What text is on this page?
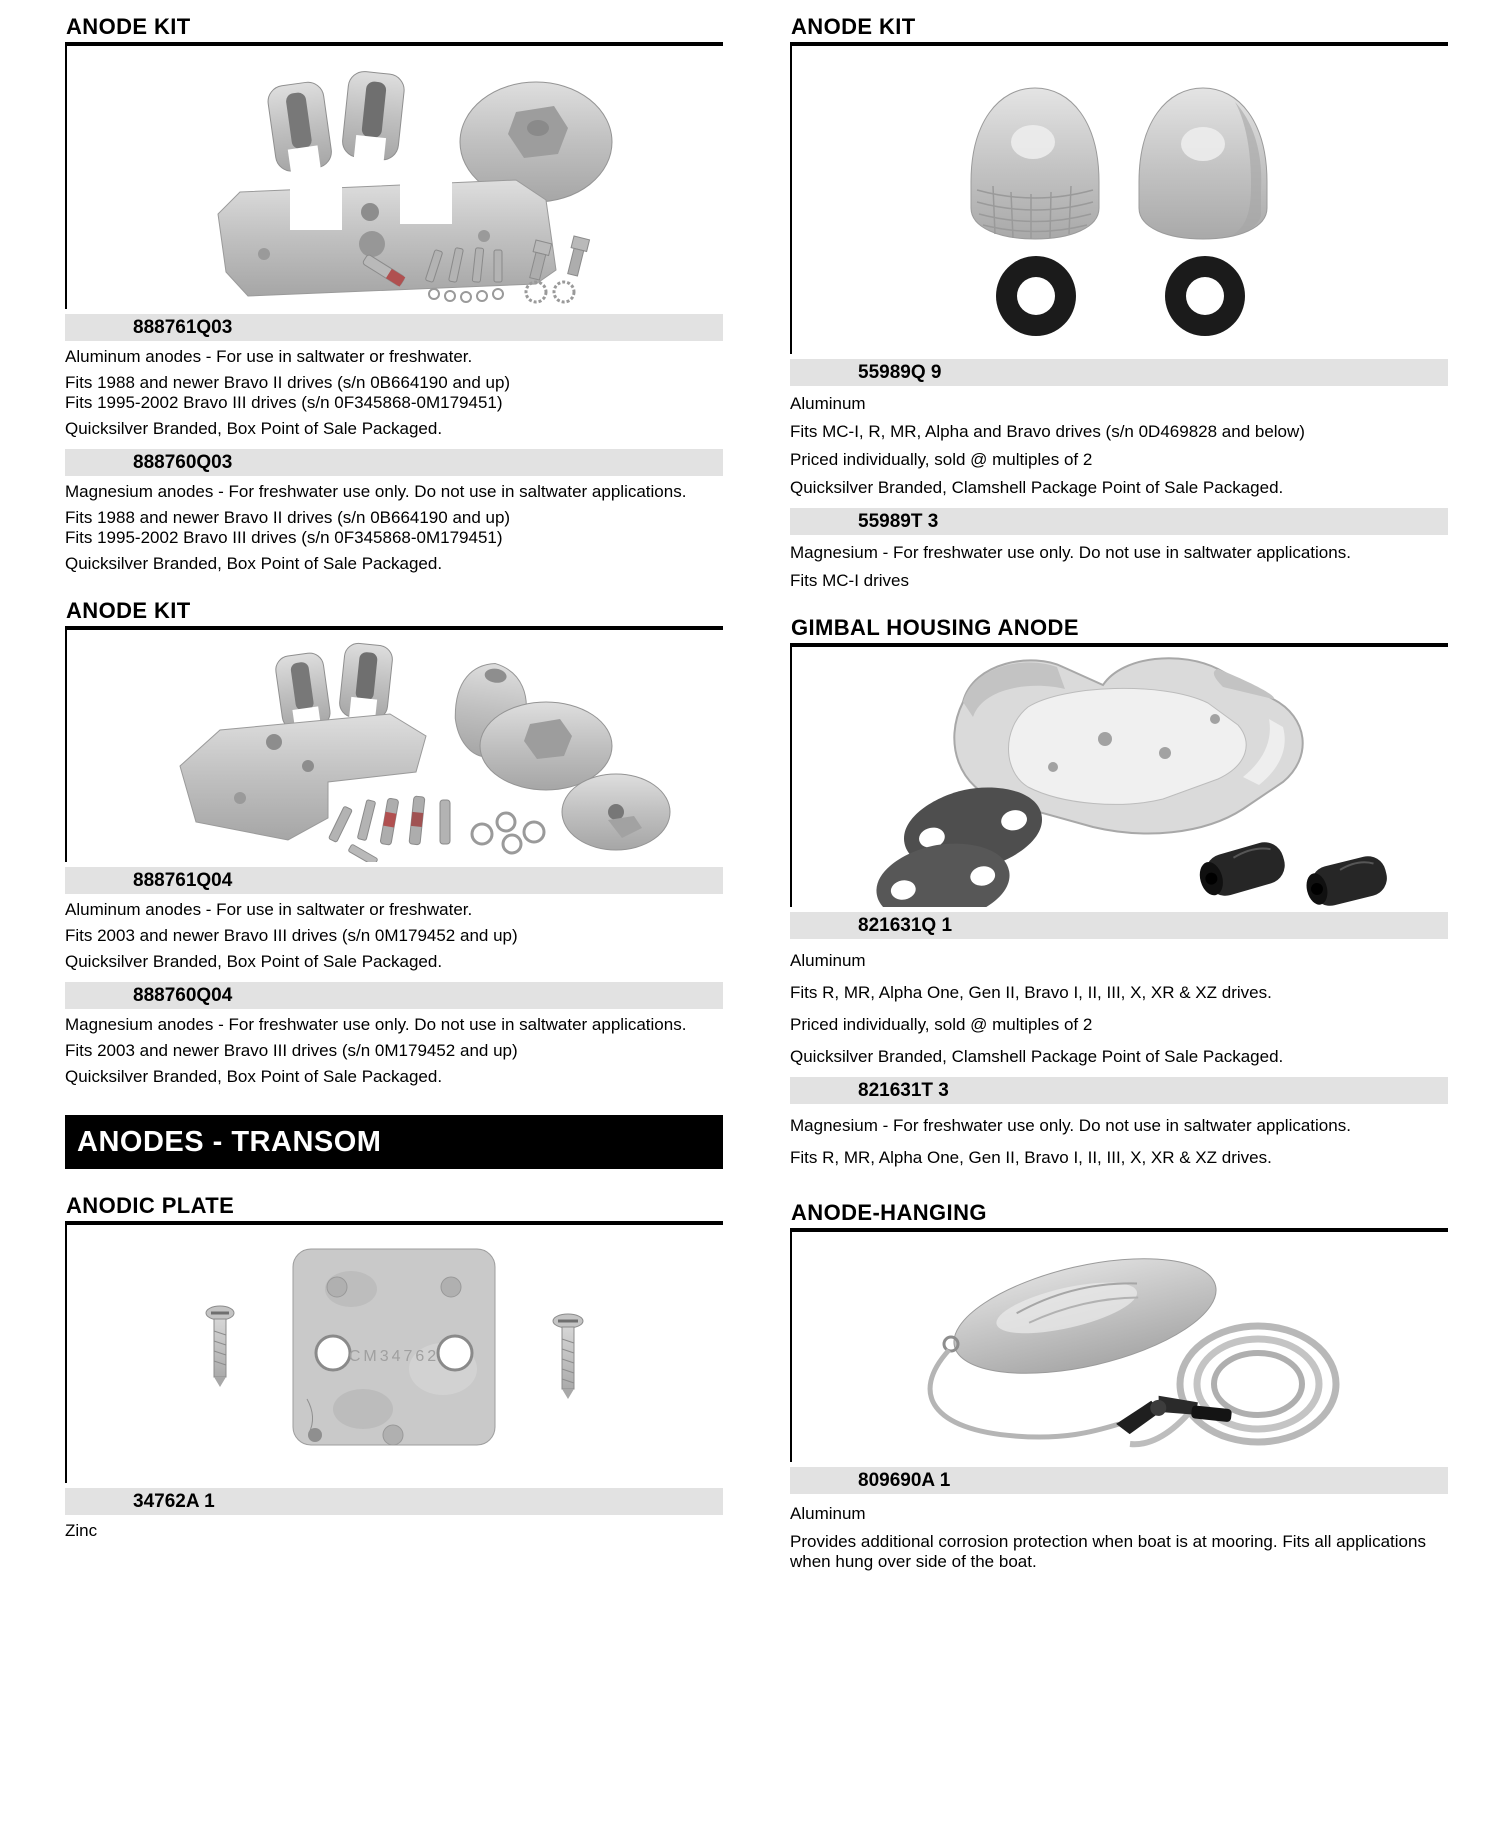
ANODE KIT
888761Q03

Aluminum anodes - For use in saltwater or freshwater.

Fits 1988 and newer Bravo II drives (s/n 0B664190 and up)

Fits 1995-2002 Bravo III drives (s/n 0F345868-0M179451)

Quicksilver Branded, Box Point of Sale Packaged.

888760Q03

Magnesium anodes - For freshwater use only. Do not use in saltwater applications.

Fits 1988 and newer Bravo II drives (s/n 0B664190 and up)

Fits 1995-2002 Bravo III drives (s/n 0F345868-0M179451)

Quicksilver Branded, Box Point of Sale Packaged.

ANODE KIT
888761Q04

Aluminum anodes - For use in saltwater or freshwater.

Fits 2003 and newer Bravo III drives (s/n 0M179452 and up)

Quicksilver Branded, Box Point of Sale Packaged.

888760Q04

Magnesium anodes - For freshwater use only. Do not use in saltwater applications.

Fits 2003 and newer Bravo III drives (s/n 0M179452 and up)

Quicksilver Branded, Box Point of Sale Packaged.

ANODES - TRANSOM
ANODIC PLATE
CM34762
34762A 1

Zinc

ANODE KIT
55989Q 9

Aluminum

Fits MC-I, R, MR, Alpha and Bravo drives (s/n 0D469828 and below)

Priced individually, sold @ multiples of 2

Quicksilver Branded, Clamshell Package Point of Sale Packaged.

55989T 3

Magnesium - For freshwater use only. Do not use in saltwater applications.

Fits MC-I drives

GIMBAL HOUSING ANODE
821631Q 1

Aluminum

Fits R, MR, Alpha One, Gen II, Bravo I, II, III, X, XR & XZ drives.

Priced individually, sold @ multiples of 2

Quicksilver Branded, Clamshell Package Point of Sale Packaged.

821631T 3

Magnesium - For freshwater use only. Do not use in saltwater applications.

Fits R, MR, Alpha One, Gen II, Bravo I, II, III, X, XR & XZ drives.

ANODE-HANGING
809690A 1

Aluminum

Provides additional corrosion protection when boat is at mooring. Fits all applications when hung over side of the boat.
